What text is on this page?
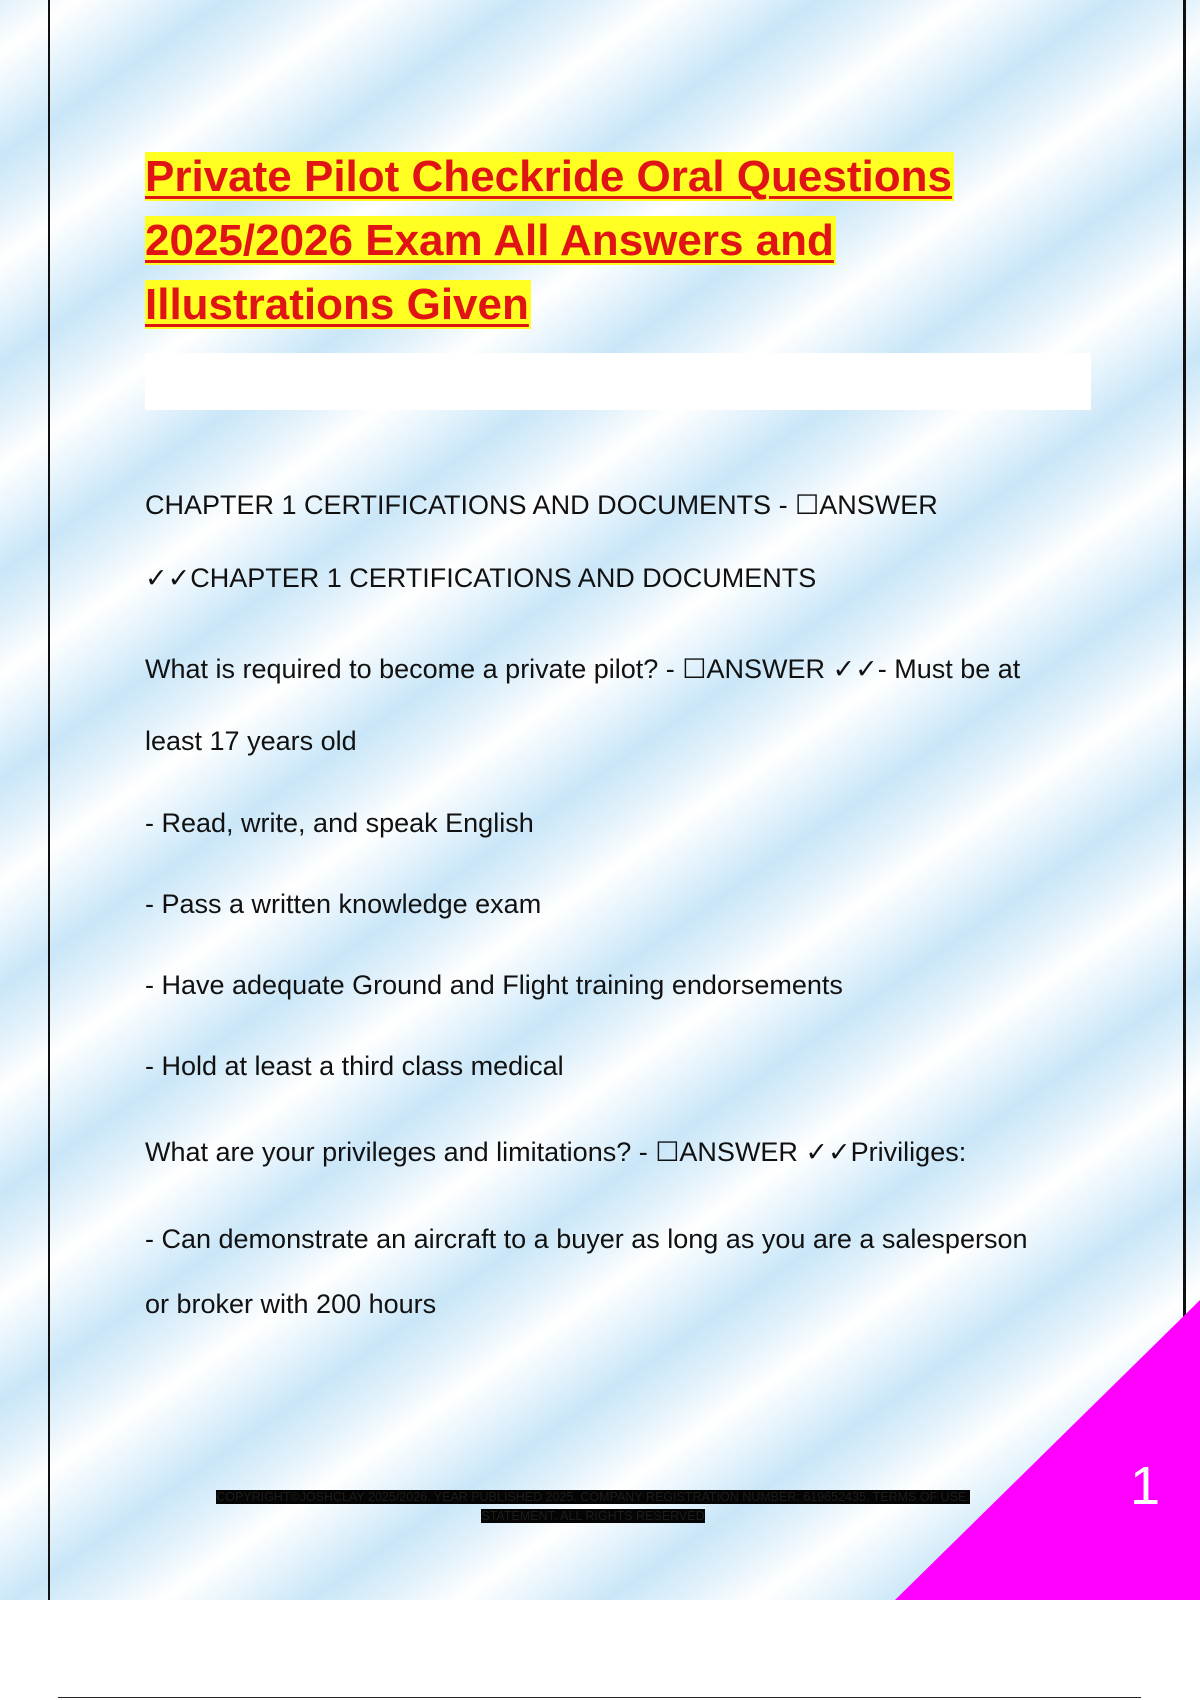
Private Pilot Checkride Oral Questions
2025/2026 Exam All Answers and
Illustrations Given

CHAPTER 1 CERTIFICATIONS AND DOCUMENTS - ☐ANSWER

✓✓CHAPTER 1 CERTIFICATIONS AND DOCUMENTS

What is required to become a private pilot? - ☐ANSWER ✓✓- Must be at

least 17 years old

- Read, write, and speak English

- Pass a written knowledge exam

- Have adequate Ground and Flight training endorsements

- Hold at least a third class medical

What are your privileges and limitations? - ☐ANSWER ✓✓Priviliges:

- Can demonstrate an aircraft to a buyer as long as you are a salesperson

or broker with 200 hours

1
COPYRIGHT©JOSHCLAY 2025/2026. YEAR PUBLISHED 2025. COMPANY REGISTRATION NUMBER: 619652435. TERMS OF USE.
STATEMENT. ALL RIGHTS RESERVED
